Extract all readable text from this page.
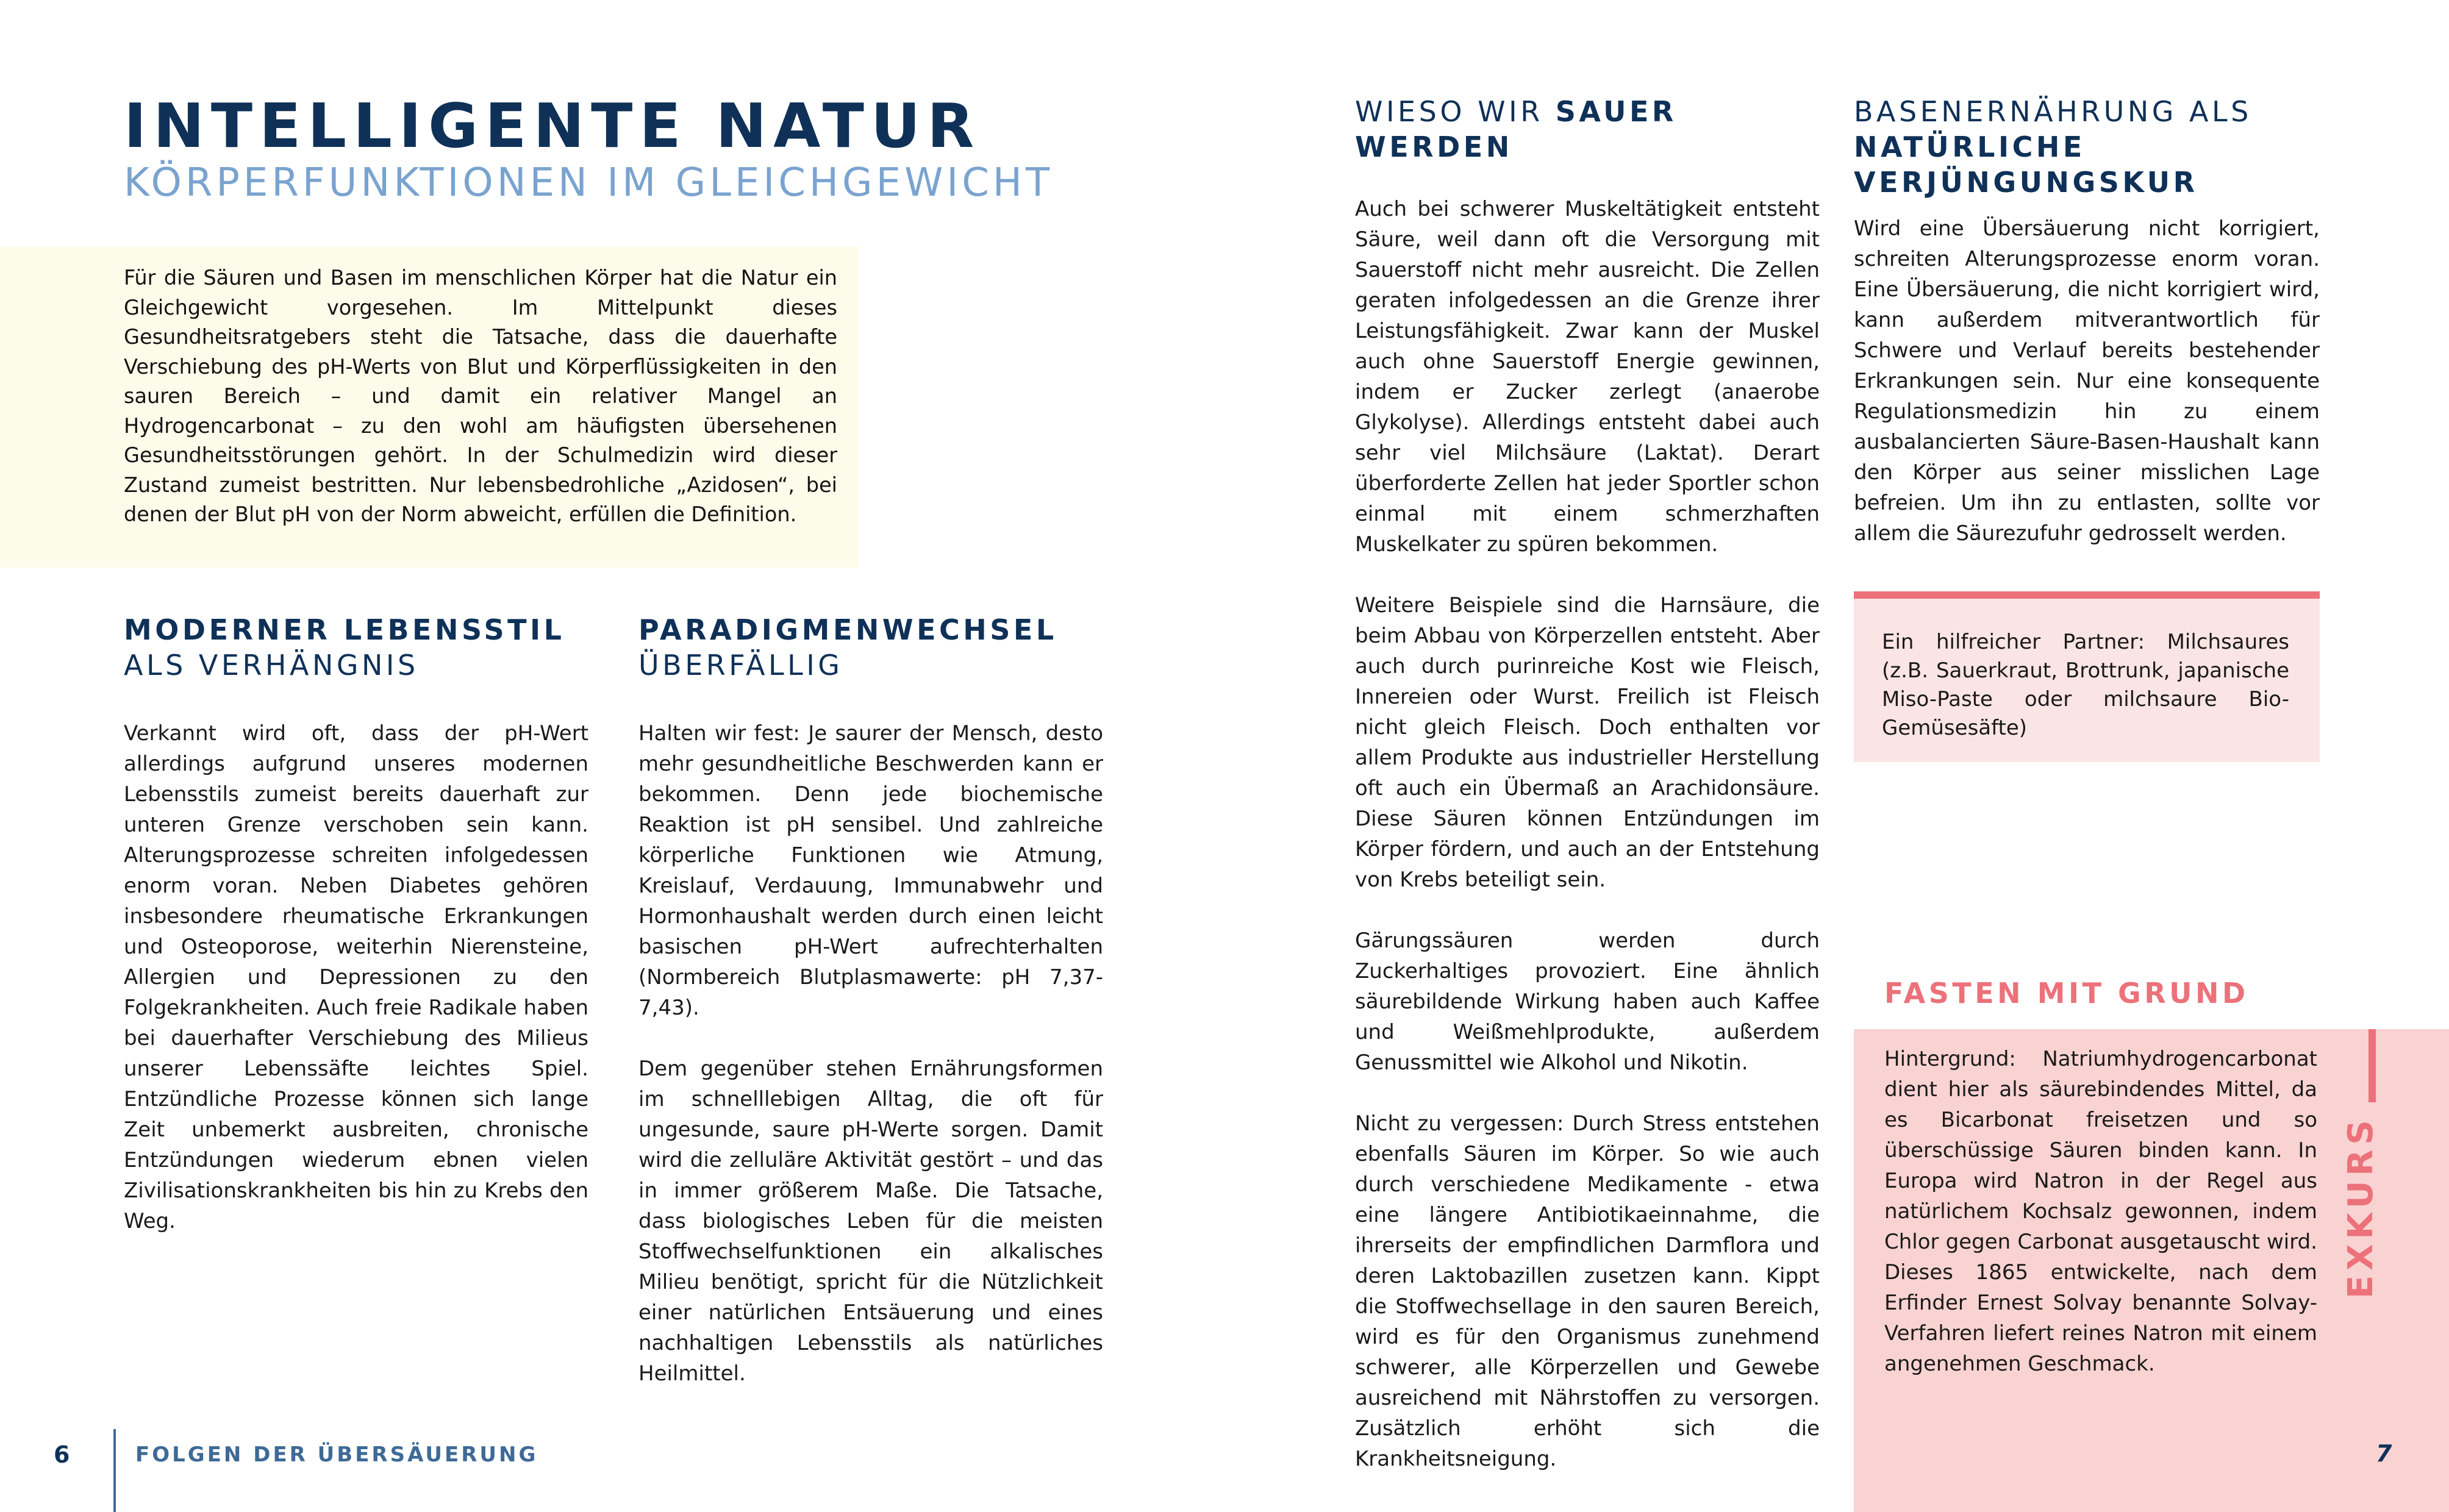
INTELLIGENTE NATUR
KÖRPERFUNKTIONEN IM GLEICHGEWICHT

Für die Säuren und Basen im menschlichen Körper hat die Natur ein Gleichgewicht vorgesehen. Im Mittelpunkt dieses Gesundheitsratgebers steht die Tatsache, dass die dauerhafte Verschiebung des pH-Werts von Blut und Körperflüssigkeiten in den sauren Bereich – und damit ein relativer Mangel an Hydrogencarbonat – zu den wohl am häufigsten übersehenen Gesundheitsstörungen gehört. In der Schulmedizin wird dieser Zustand zumeist bestritten. Nur lebensbedrohliche „Azidosen“, bei denen der Blut pH von der Norm abweicht, erfüllen die Definition.

MODERNER LEBENSSTIL
ALS VERHÄNGNIS

Verkannt wird oft, dass der pH-Wert allerdings aufgrund unseres modernen Lebensstils zumeist bereits dauerhaft zur unteren Grenze verschoben sein kann. Alterungsprozesse schreiten infolgedessen enorm voran. Neben Diabetes gehören insbesondere rheumatische Erkrankungen und Osteoporose, weiterhin Nierensteine, Allergien und Depressionen zu den Folgekrankheiten. Auch freie Radikale haben bei dauerhafter Verschiebung des Milieus unserer Lebenssäfte leichtes Spiel. Entzündliche Prozesse können sich lange Zeit unbemerkt ausbreiten, chronische Entzündungen wiederum ebnen vielen Zivilisationskrankheiten bis hin zu Krebs den Weg.

PARADIGMENWECHSEL
ÜBERFÄLLIG

Halten wir fest: Je saurer der Mensch, desto mehr gesundheitliche Beschwerden kann er bekommen. Denn jede biochemische Reaktion ist pH sensibel. Und zahlreiche körperliche Funktionen wie Atmung, Kreislauf, Verdauung, Immunabwehr und Hormonhaushalt werden durch einen leicht basischen pH-Wert aufrechterhalten (Normbereich Blutplasmawerte: pH 7,37-7,43).

Dem gegenüber stehen Ernährungsformen im schnelllebigen Alltag, die oft für ungesunde, saure pH-Werte sorgen. Damit wird die zelluläre Aktivität gestört – und das in immer größerem Maße. Die Tatsache, dass biologisches Leben für die meisten Stoffwechselfunktionen ein alkalisches Milieu benötigt, spricht für die Nützlichkeit einer natürlichen Entsäuerung und eines nachhaltigen Lebensstils als natürliches Heilmittel.

6	FOLGEN DER ÜBERSÄUERUNG
WIESO WIR SAUER WERDEN

Auch bei schwerer Muskeltätigkeit entsteht Säure, weil dann oft die Versorgung mit Sauerstoff nicht mehr ausreicht. Die Zellen geraten infolgedessen an die Grenze ihrer Leistungsfähigkeit. Zwar kann der Muskel auch ohne Sauerstoff Energie gewinnen, indem er Zucker zerlegt (anaerobe Glykolyse). Allerdings entsteht dabei auch sehr viel Milchsäure (Laktat). Derart überforderte Zellen hat jeder Sportler schon einmal mit einem schmerzhaften Muskelkater zu spüren bekommen.

Weitere Beispiele sind die Harnsäure, die beim Abbau von Körperzellen entsteht. Aber auch durch purinreiche Kost wie Fleisch, Innereien oder Wurst. Freilich ist Fleisch nicht gleich Fleisch. Doch enthalten vor allem Produkte aus industrieller Herstellung oft auch ein Übermaß an Arachidonsäure. Diese Säuren können Entzündungen im Körper fördern, und auch an der Entstehung von Krebs beteiligt sein.

Gärungssäuren werden durch Zuckerhaltiges provoziert. Eine ähnlich säurebildende Wirkung haben auch Kaffee und Weißmehlprodukte, außerdem Genussmittel wie Alkohol und Nikotin.

Nicht zu vergessen: Durch Stress entstehen ebenfalls Säuren im Körper. So wie auch durch verschiedene Medikamente - etwa eine längere Antibiotikaeinnahme, die ihrerseits der empfindlichen Darmflora und deren Laktobazillen zusetzen kann. Kippt die Stoffwechsellage in den sauren Bereich, wird es für den Organismus zunehmend schwerer, alle Körperzellen und Gewebe ausreichend mit Nährstoffen zu versorgen. Zusätzlich erhöht sich die Krankheitsneigung.

BASENERNÄHRUNG ALS
NATÜRLICHE
VERJÜNGUNGSKUR

Wird eine Übersäuerung nicht korrigiert, schreiten Alterungsprozesse enorm voran. Eine Übersäuerung, die nicht korrigiert wird, kann außerdem mitverantwortlich für Schwere und Verlauf bereits bestehender Erkrankungen sein. Nur eine konsequente Regulationsmedizin hin zu einem ausbalancierten Säure-Basen-Haushalt kann den Körper aus seiner misslichen Lage befreien. Um ihn zu entlasten, sollte vor allem die Säurezufuhr gedrosselt werden.

Ein hilfreicher Partner: Milchsaures (z.B. Sauerkraut, Brottrunk, japanische Miso-Paste oder milchsaure Bio-Gemüsesäfte)

FASTEN MIT GRUND

Hintergrund: Natriumhydrogencarbonat dient hier als säurebindendes Mittel, da es Bicarbonat freisetzen und so überschüssige Säuren binden kann. In Europa wird Natron in der Regel aus natürlichem Kochsalz gewonnen, indem Chlor gegen Carbonat ausgetauscht wird. Dieses 1865 entwickelte, nach dem Erfinder Ernest Solvay benannte Solvay-Verfahren liefert reines Natron mit einem angenehmen Geschmack.

EXKURS
7
